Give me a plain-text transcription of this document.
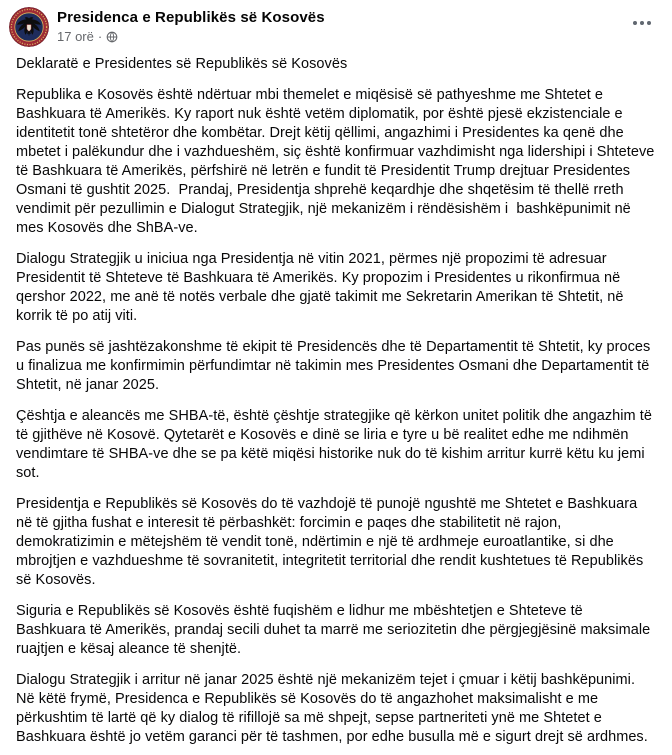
Presidenca e Republikës së Kosovës
17 orë ·

Deklaratë e Presidentes së Republikës së Kosovës

Republika e Kosovës është ndërtuar mbi themelet e miqësisë së pathyeshme me Shtetet e Bashkuara të Amerikës. Ky raport nuk është vetëm diplomatik, por është pjesë ekzistenciale e identitetit tonë shtetëror dhe kombëtar. Drejt këtij qëllimi, angazhimi i Presidentes ka qenë dhe mbetet i palëkundur dhe i vazhdueshëm, siç është konfirmuar vazhdimisht nga lidershipi i Shteteve të Bashkuara të Amerikës, përfshirë në letrën e fundit të Presidentit Trump drejtuar Presidentes Osmani të gushtit 2025.  Prandaj, Presidentja shprehë keqardhje dhe shqetësim të thellë rreth vendimit për pezullimin e Dialogut Strategjik, një mekanizëm i rëndësishëm i  bashkëpunimit në mes Kosovës dhe ShBA-ve.

Dialogu Strategjik u iniciua nga Presidentja në vitin 2021, përmes një propozimi të adresuar Presidentit të Shteteve të Bashkuara të Amerikës. Ky propozim i Presidentes u rikonfirmua në qershor 2022, me anë të notës verbale dhe gjatë takimit me Sekretarin Amerikan të Shtetit, në korrik të po atij viti.

Pas punës së jashtëzakonshme të ekipit të Presidencës dhe të Departamentit të Shtetit, ky proces u finalizua me konfirmimin përfundimtar në takimin mes Presidentes Osmani dhe Departamentit të Shtetit, në janar 2025.

Çështja e aleancës me SHBA-të, është çështje strategjike që kërkon unitet politik dhe angazhim të të gjithëve në Kosovë. Qytetarët e Kosovës e dinë se liria e tyre u bë realitet edhe me ndihmën vendimtare të SHBA-ve dhe se pa këtë miqësi historike nuk do të kishim arritur kurrë këtu ku jemi sot.

Presidentja e Republikës së Kosovës do të vazhdojë të punojë ngushtë me Shtetet e Bashkuara në të gjitha fushat e interesit të përbashkët: forcimin e paqes dhe stabilitetit në rajon, demokratizimin e mëtejshëm të vendit tonë, ndërtimin e një të ardhmeje euroatlantike, si dhe mbrojtjen e vazhdueshme të sovranitetit, integritetit territorial dhe rendit kushtetues të Republikës së Kosovës.

Siguria e Republikës së Kosovës është fuqishëm e lidhur me mbështetjen e Shteteve të Bashkuara të Amerikës, prandaj secili duhet ta marrë me seriozitetin dhe përgjegjësinë maksimale ruajtjen e kësaj aleance të shenjtë.

Dialogu Strategjik i arritur në janar 2025 është një mekanizëm tejet i çmuar i këtij bashkëpunimi. Në këtë frymë, Presidenca e Republikës së Kosovës do të angazhohet maksimalisht e me përkushtim të lartë që ky dialog të rifillojë sa më shpejt, sepse partneriteti ynë me Shtetet e Bashkuara është jo vetëm garanci për të tashmen, por edhe busulla më e sigurt drejt së ardhmes.
